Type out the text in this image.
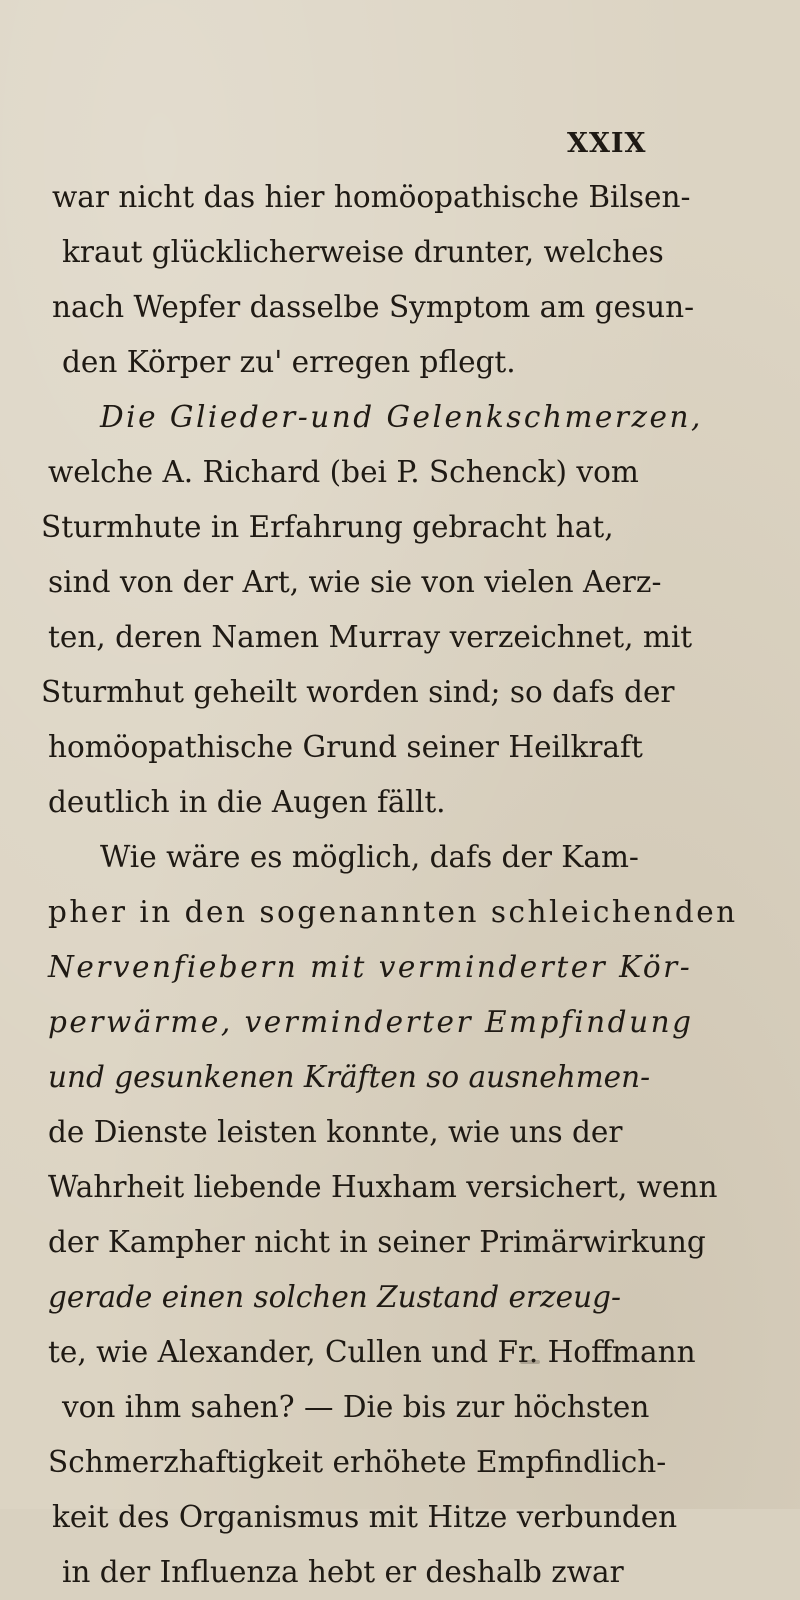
XXIX
war nicht das hier homöopathische Bilsen-
kraut glücklicherweise drunter, welches
nach Wepfer dasselbe Symptom am gesun-
den Körper zu' erregen pflegt.
Die Glieder-und Gelenkschmerzen,
welche A. Richard (bei P. Schenck) vom
Sturmhute in Erfahrung gebracht hat,
sind von der Art, wie sie von vielen Aerz-
ten, deren Namen Murray verzeichnet, mit
Sturmhut geheilt worden sind; so dafs der
homöopathische Grund seiner Heilkraft
deutlich in die Augen fällt.
Wie wäre es möglich, dafs der Kam-
pher in den sogenannten schleichenden
Nervenfiebern mit verminderter Kör-
perwärme, verminderter Empfindung
und gesunkenen Kräften so ausnehmen-
de Dienste leisten konnte, wie uns der
Wahrheit liebende Huxham versichert, wenn
der Kampher nicht in seiner Primärwirkung
gerade einen solchen Zustand erzeug-
te, wie Alexander, Cullen und Fr. Hoffmann
von ihm sahen? — Die bis zur höchsten
Schmerzhaftigkeit erhöhete Empfindlich-
keit des Organismus mit Hitze verbunden
in der Influenza hebt er deshalb zwar
